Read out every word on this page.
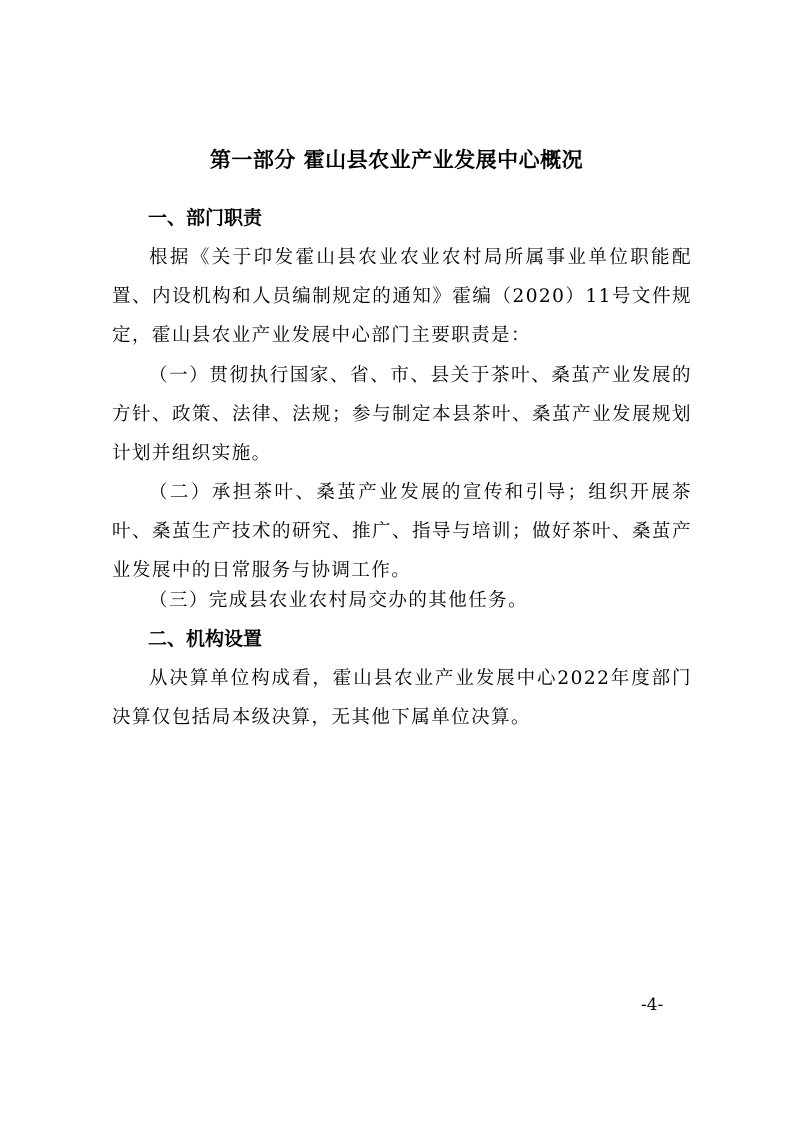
第一部分 霍山县农业产业发展中心概况
一、部门职责

根据《关于印发霍山县农业农业农村局所属事业单位职能配置、内设机构和人员编制规定的通知》霍编（2020）11号文件规定，霍山县农业产业发展中心部门主要职责是：

（一）贯彻执行国家、省、市、县关于茶叶、桑茧产业发展的方针、政策、法律、法规；参与制定本县茶叶、桑茧产业发展规划计划并组织实施。

（二）承担茶叶、桑茧产业发展的宣传和引导；组织开展茶叶、桑茧生产技术的研究、推广、指导与培训；做好茶叶、桑茧产业发展中的日常服务与协调工作。

（三）完成县农业农村局交办的其他任务。

二、机构设置

从决算单位构成看，霍山县农业产业发展中心2022年度部门决算仅包括局本级决算，无其他下属单位决算。

-4-
